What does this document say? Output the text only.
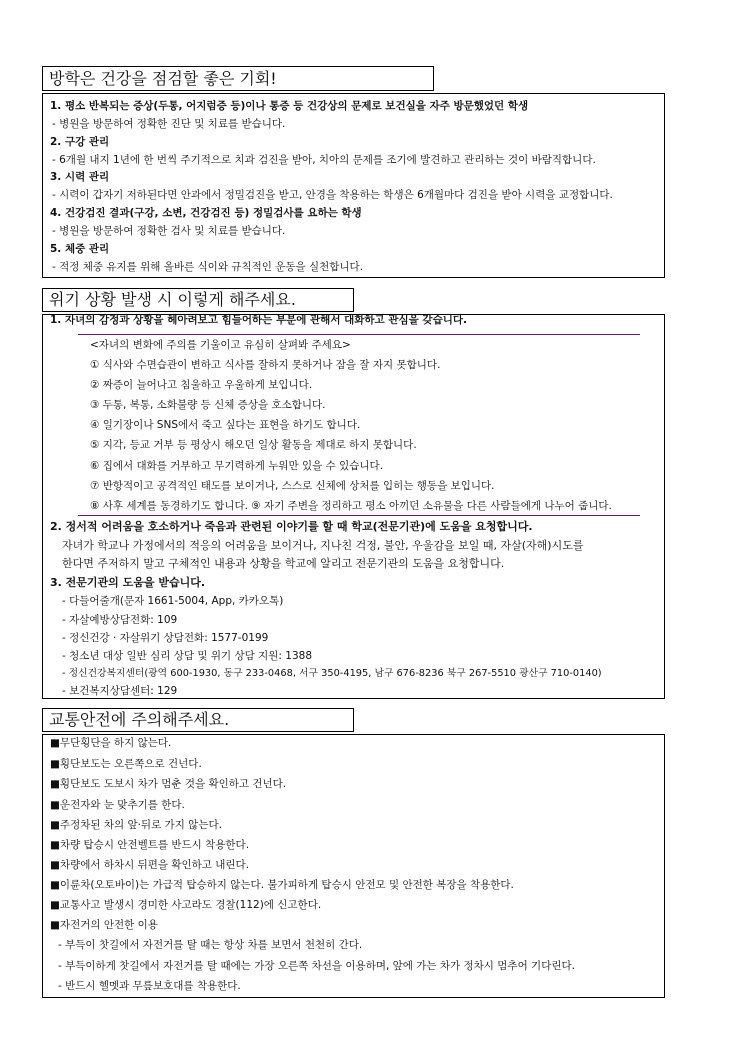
방학은 건강을 점검할 좋은 기회!
1. 평소 반복되는 증상(두통, 어지럼증 등)이나 통증 등 건강상의 문제로 보건실을 자주 방문했었던 학생
- 병원을 방문하여 정확한 진단 및 치료를 받습니다.
2. 구강 관리
- 6개월 내지 1년에 한 번씩 주기적으로 치과 검진을 받아, 치아의 문제를 조기에 발견하고 관리하는 것이 바람직합니다.
3. 시력 관리
- 시력이 갑자기 저하된다면 안과에서 정밀검진을 받고, 안경을 착용하는 학생은 6개월마다 검진을 받아 시력을 교정합니다.
4. 건강검진 결과(구강, 소변, 건강검진 등) 정밀검사를 요하는 학생
- 병원을 방문하여 정확한 검사 및 치료를 받습니다.
5. 체중 관리
- 적정 체중 유지를 위해 올바른 식이와 규칙적인 운동을 실천합니다.
위기 상황 발생 시 이렇게 해주세요.
1. 자녀의 감정과 상황을 헤아려보고 힘들어하는 부분에 관해서 대화하고 관심을 갖습니다.
<자녀의 변화에 주의를 기울이고 유심히 살펴봐 주세요>
① 식사와 수면습관이 변하고 식사를 잘하지 못하거나 잠을 잘 자지 못합니다.
② 짜증이 늘어나고 침울하고 우울하게 보입니다.
③ 두통, 복통, 소화불량 등 신체 증상을 호소합니다.
④ 일기장이나 SNS에서 죽고 싶다는 표현을 하기도 합니다.
⑤ 지각, 등교 거부 등 평상시 해오던 일상 활동을 제대로 하지 못합니다.
⑥ 집에서 대화를 거부하고 무기력하게 누워만 있을 수 있습니다.
⑦ 반항적이고 공격적인 태도를 보이거나, 스스로 신체에 상처를 입히는 행동을 보입니다.
⑧ 사후 세계를 동경하기도 합니다. ⑨ 자기 주변을 정리하고 평소 아끼던 소유물을 다른 사람들에게 나누어 줍니다.
2. 정서적 어려움을 호소하거나 죽음과 관련된 이야기를 할 때 학교(전문기관)에 도움을 요청합니다.
자녀가 학교나 가정에서의 적응의 어려움을 보이거나, 지나친 걱정, 불안, 우울감을 보일 때, 자살(자해)시도를
한다면 주저하지 말고 구체적인 내용과 상황을 학교에 알리고 전문기관의 도움을 요청합니다.
3. 전문기관의 도움을 받습니다.
- 다들어줄개(문자 1661-5004, App, 카카오톡)
- 자살예방상담전화: 109
- 정신건강 · 자살위기 상담전화: 1577-0199
- 청소년 대상 일반 심리 상담 및 위기 상담 지원: 1388
- 정신건강복지센터(광역 600-1930, 동구 233-0468, 서구 350-4195, 남구 676-8236 북구 267-5510 광산구 710-0140)
- 보건복지상담센터: 129
교통안전에 주의해주세요.
■무단횡단을 하지 않는다.
■횡단보도는 오른쪽으로 건넌다.
■횡단보도 도보시 차가 멈춘 것을 확인하고 건넌다.
■운전자와 눈 맞추기를 한다.
■주정차된 차의 앞·뒤로 가지 않는다.
■차량 탑승시 안전벨트를 반드시 착용한다.
■차량에서 하차시 뒤편을 확인하고 내린다.
■이륜차(오토바이)는 가급적 탑승하지 않는다. 불가피하게 탑승시 안전모 및 안전한 복장을 착용한다.
■교통사고 발생시 경미한 사고라도 경찰(112)에 신고한다.
■자전거의 안전한 이용
- 부득이 찻길에서 자전거를 탈 때는 항상 차를 보면서 천천히 간다.
- 부득이하게 찻길에서 자전거를 탈 때에는 가장 오른쪽 차선을 이용하며, 앞에 가는 차가 정차시 멈추어 기다린다.
- 반드시 헬멧과 무릎보호대를 착용한다.
